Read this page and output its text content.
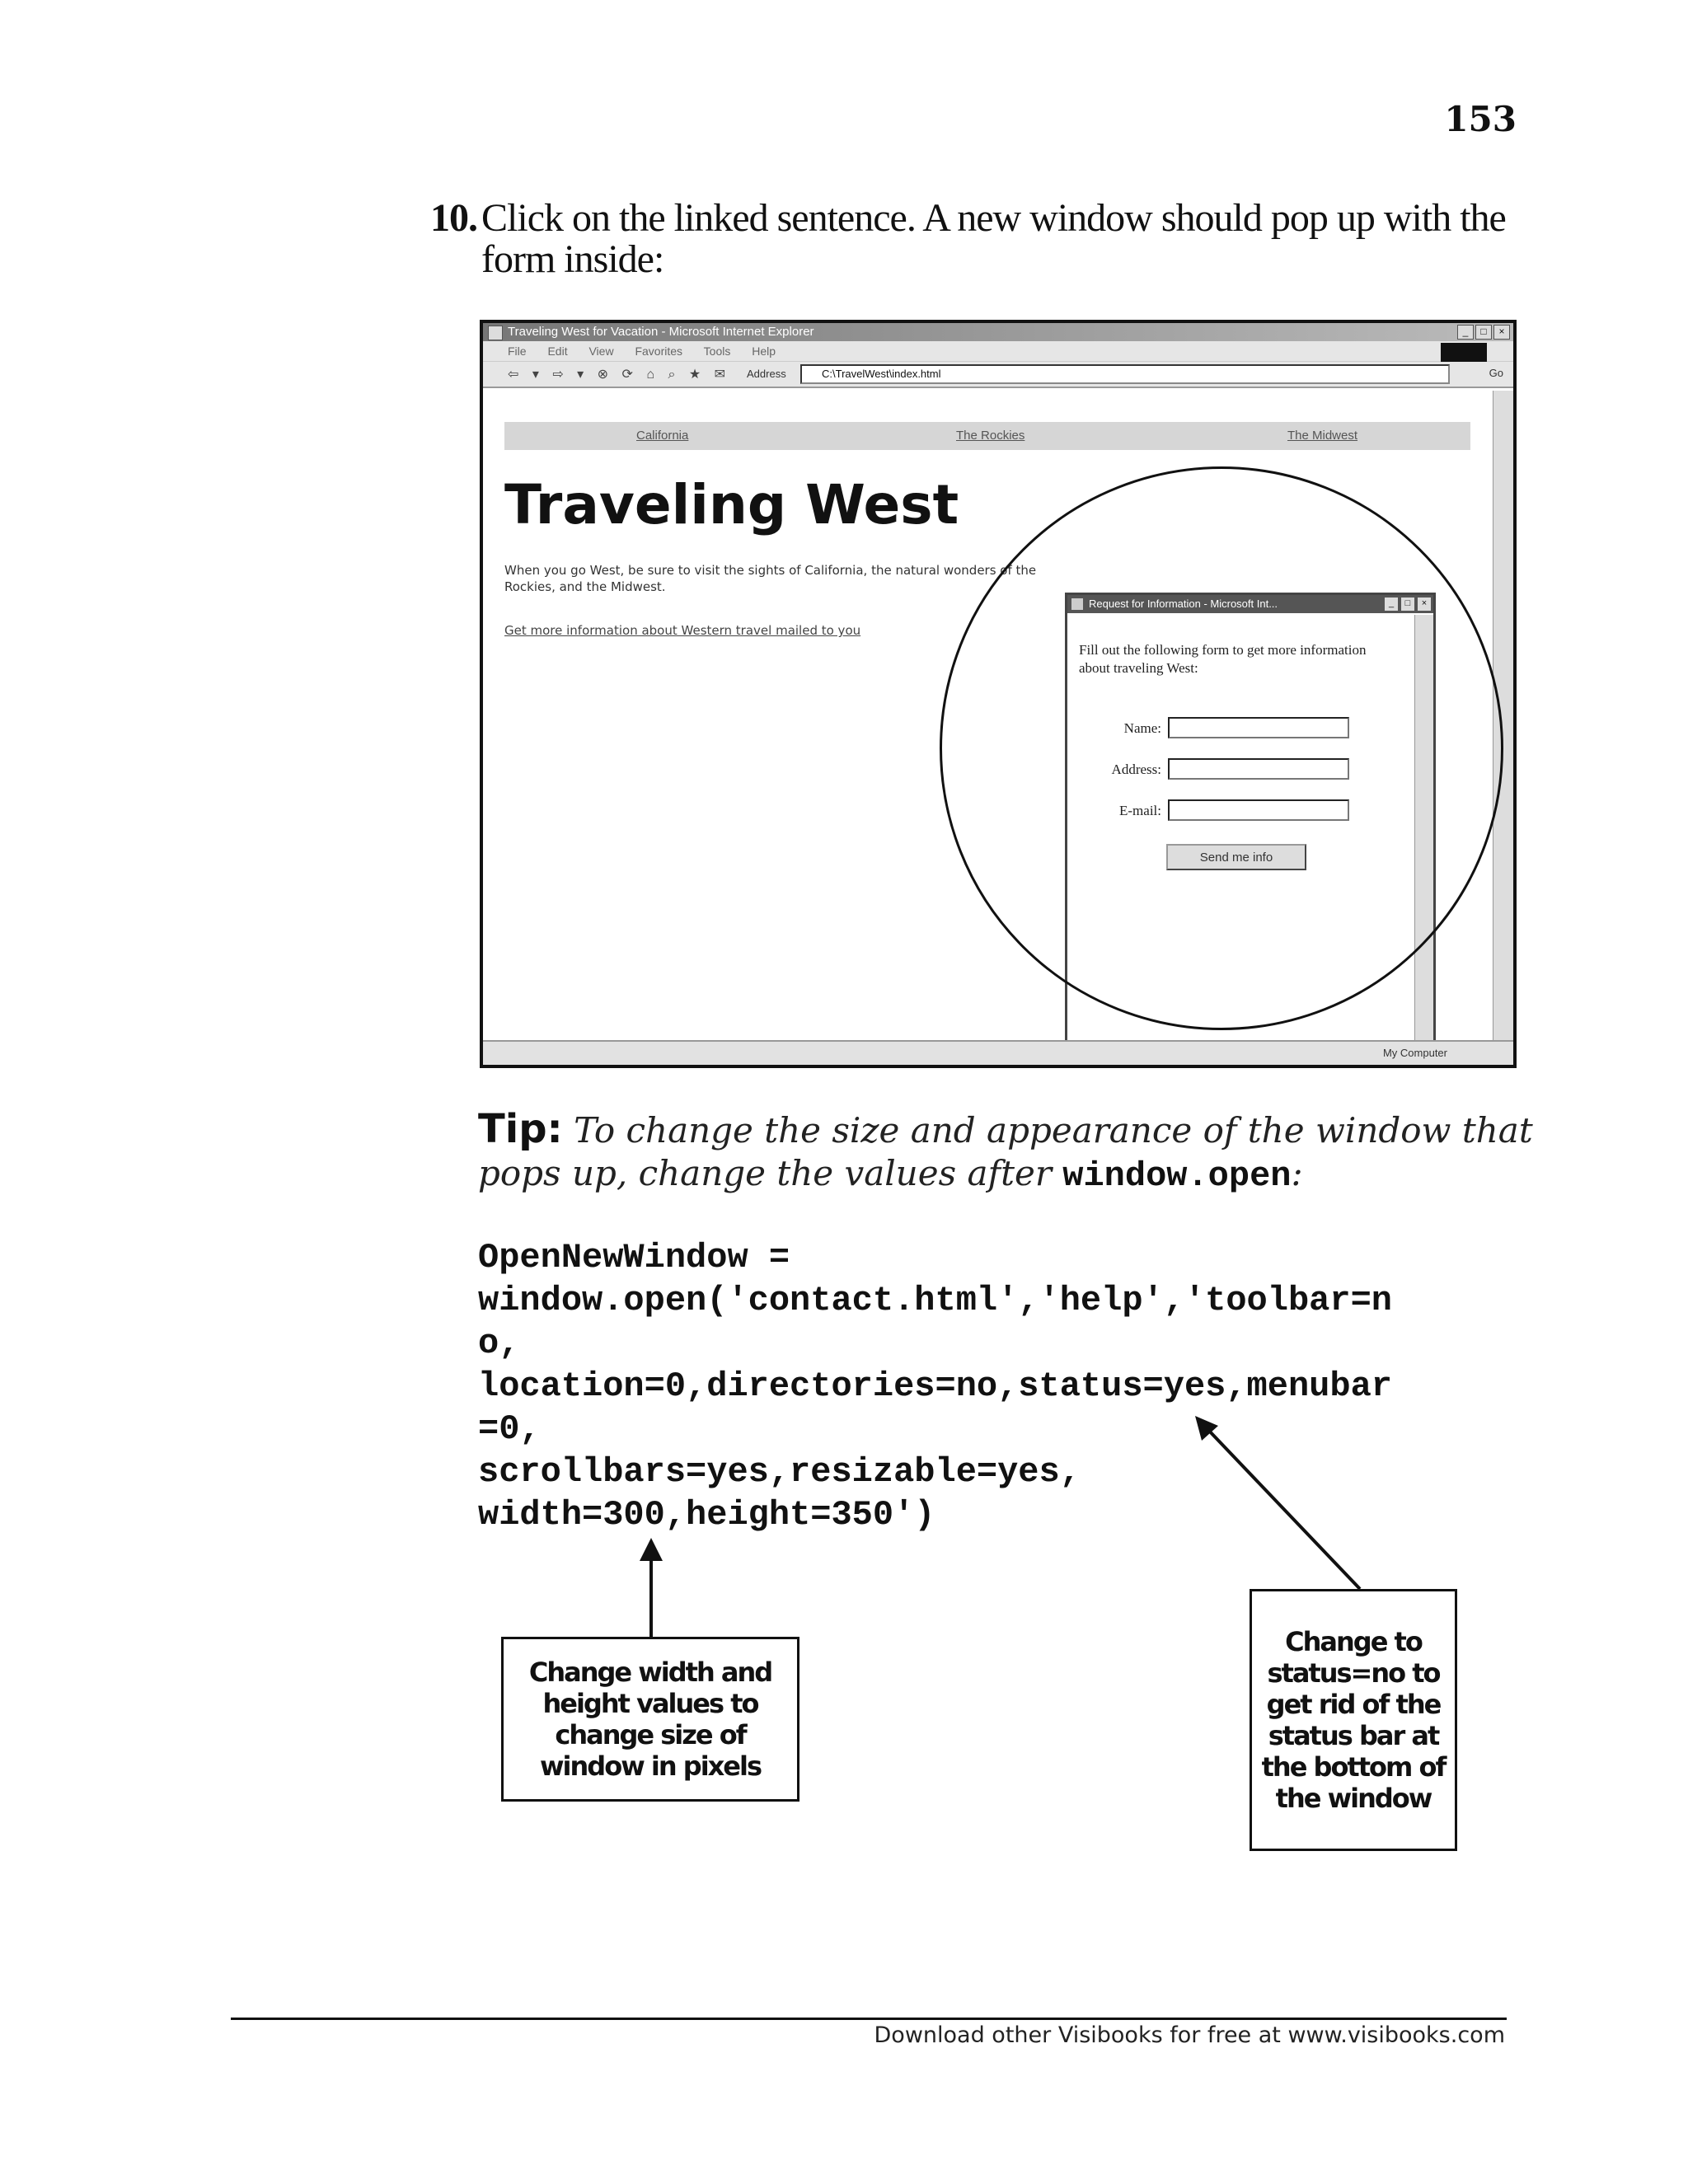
153
10. Click on the linked sentence. A new window should pop up with the form inside:
Traveling West for Vacation - Microsoft Internet Explorer	_	□	×
File Edit View Favorites Tools Help
⇦ ▾ ⇨ ▾ ⊗ ⟳ ⌂ ⌕ ★ ✉ Address	C:\TravelWest\index.html	Go
California	The Rockies	The Midwest
Traveling West
When you go West, be sure to visit the sights of California, the natural wonders of the Rockies, and the Midwest.
Get more information about Western travel mailed to you
Request for Information - Microsoft Int...	_	□	×
Fill out the following form to get more information about traveling West:
Name:
Address:
E-mail:
Send me info
My Computer
Tip: To change the size and appearance of the window that pops up, change the values after window.open:
OpenNewWindow =
window.open('contact.html','help','toolbar=n
o,
location=0,directories=no,status=yes,menubar
=0,
scrollbars=yes,resizable=yes,
width=300,height=350')
Change width and height values to change size of window in pixels
Change to status=no to get rid of the status bar at the bottom of the window
Download other Visibooks for free at www.visibooks.com
